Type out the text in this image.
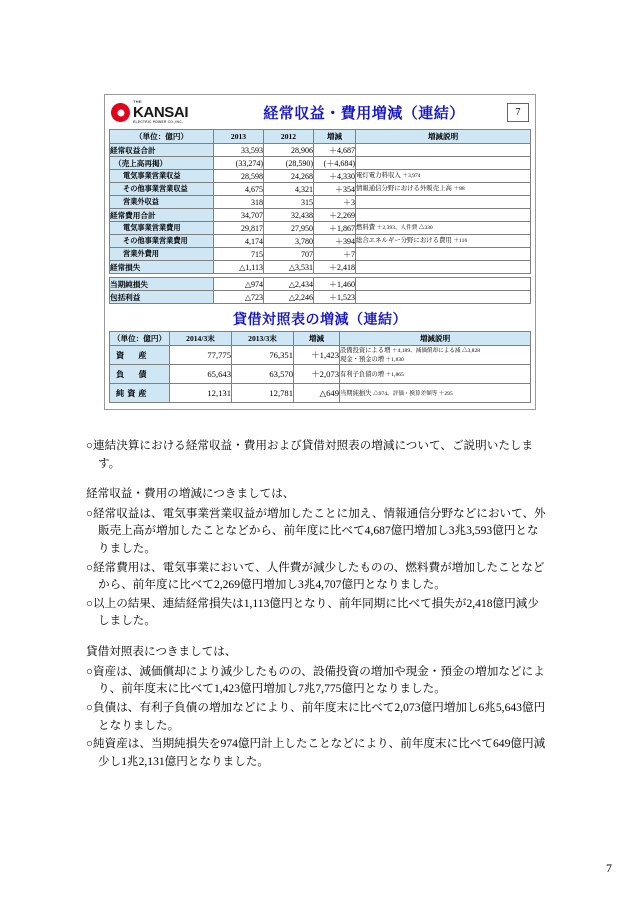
THE
KANSAI
ELECTRIC POWER CO.,INC.
経常収益・費用増減（連結）	7
（単位：億円）	2013	2012	増減	増減説明
経常収益合計	33,593	28,906	＋4,687	
（売上高再掲）	(33,274)	(28,590)	(＋4,684)	
電気事業営業収益	28,598	24,268	＋4,330	電灯電力料収入 ＋3,974
その他事業営業収益	4,675	4,321	＋354	情報通信分野における外販売上高 ＋88
営業外収益	318	315	＋3	
経常費用合計	34,707	32,438	＋2,269	
電気事業営業費用	29,817	27,950	＋1,867	燃料費 ＋2,393、人件費 △330
その他事業営業費用	4,174	3,780	＋394	総合エネルギー分野における費用 ＋116
営業外費用	715	707	＋7	
経常損失	△1,113	△3,531	＋2,418	
当期純損失	△974	△2,434	＋1,460	
包括利益	△723	△2,246	＋1,523	
貸借対照表の増減（連結）
（単位：億円）	2014/3末	2013/3末	増減	増減説明
資　産	77,775	76,351	＋1,423	設備投資による増 ＋4,189、減価償却による減 △3,828
現金・預金の増 ＋1,830

負　債	65,643	63,570	＋2,073	有利子負債の増 ＋1,865

純資産	12,131	12,781	△649	当期純損失 △974、評価・換算差額等 ＋295

○連結決算における経常収益・費用および貸借対照表の増減について、ご説明いたします。

経常収益・費用の増減につきましては、

○経常収益は、電気事業営業収益が増加したことに加え、情報通信分野などにおいて、外販売上高が増加したことなどから、前年度に比べて4,687億円増加し3兆3,593億円となりました。

○経常費用は、電気事業において、人件費が減少したものの、燃料費が増加したことなどから、前年度に比べて2,269億円増加し3兆4,707億円となりました。

○以上の結果、連結経常損失は1,113億円となり、前年同期に比べて損失が2,418億円減少しました。

貸借対照表につきましては、

○資産は、減価償却により減少したものの、設備投資の増加や現金・預金の増加などにより、前年度末に比べて1,423億円増加し7兆7,775億円となりました。

○負債は、有利子負債の増加などにより、前年度末に比べて2,073億円増加し6兆5,643億円となりました。

○純資産は、当期純損失を974億円計上したことなどにより、前年度末に比べて649億円減少し1兆2,131億円となりました。

7
